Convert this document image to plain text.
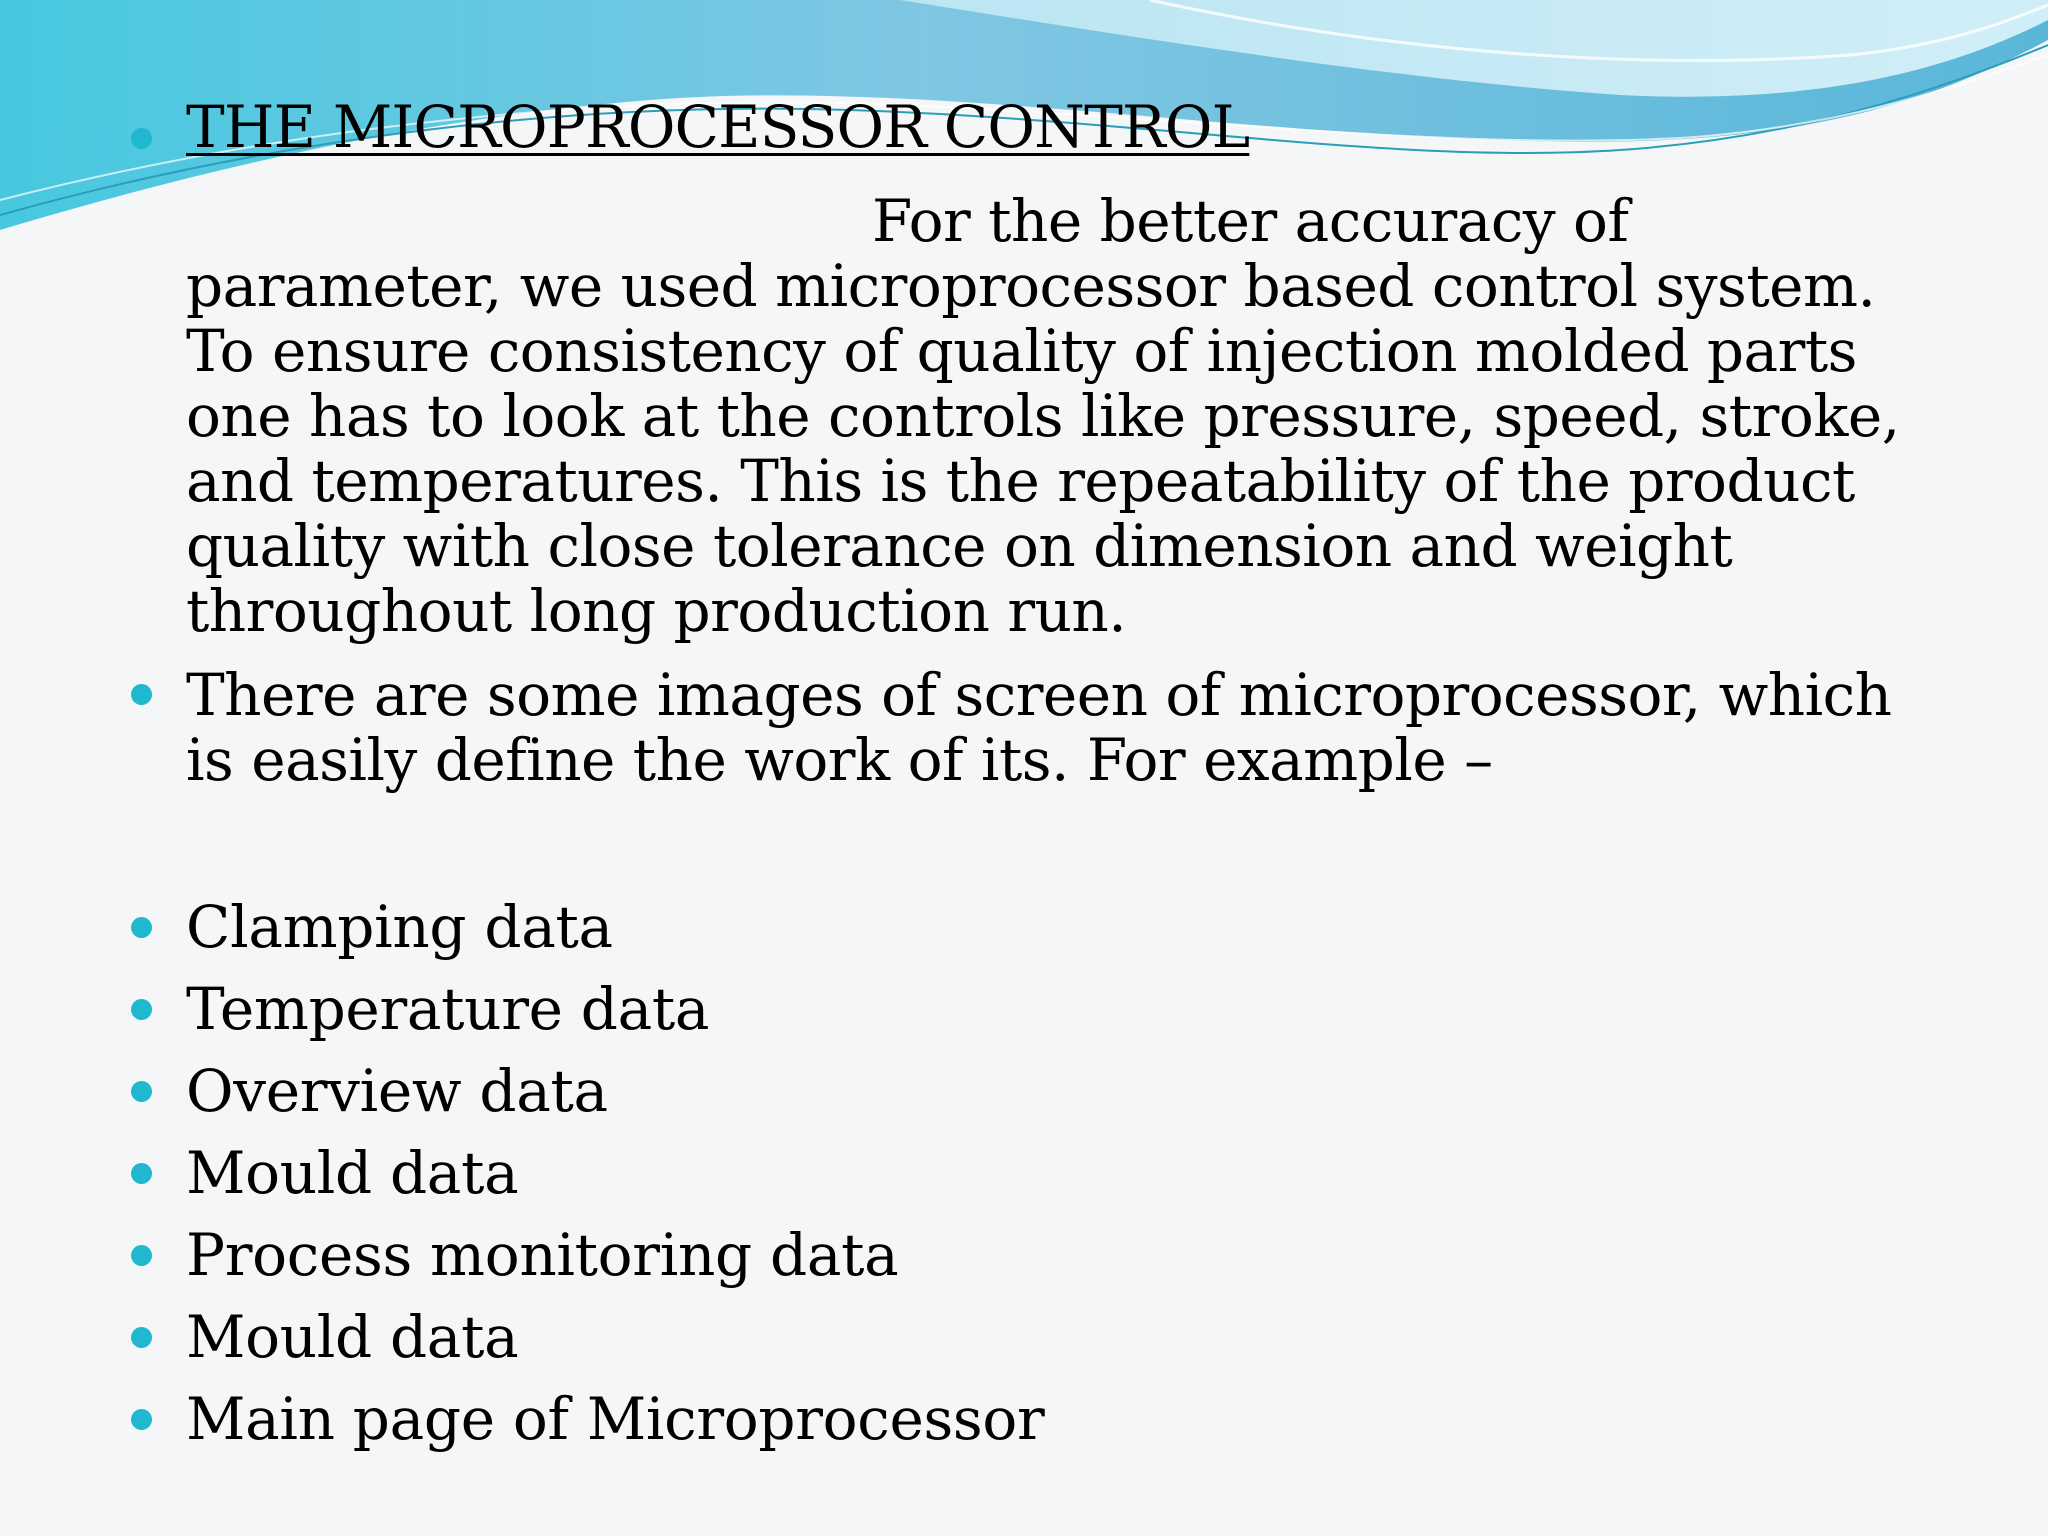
THE MICROPROCESSOR CONTROL
For the better accuracy of
parameter, we used microprocessor based control system.
To ensure consistency of quality of injection molded parts
one has to look at the controls like pressure, speed, stroke,
and temperatures. This is the repeatability of the product
quality with close tolerance on dimension and weight
throughout long production run.
There are some images of screen of microprocessor, which
is easily define the work of its. For example –
Clamping data
Temperature data
Overview data
Mould data
Process monitoring data
Mould data
Main page of Microprocessor
